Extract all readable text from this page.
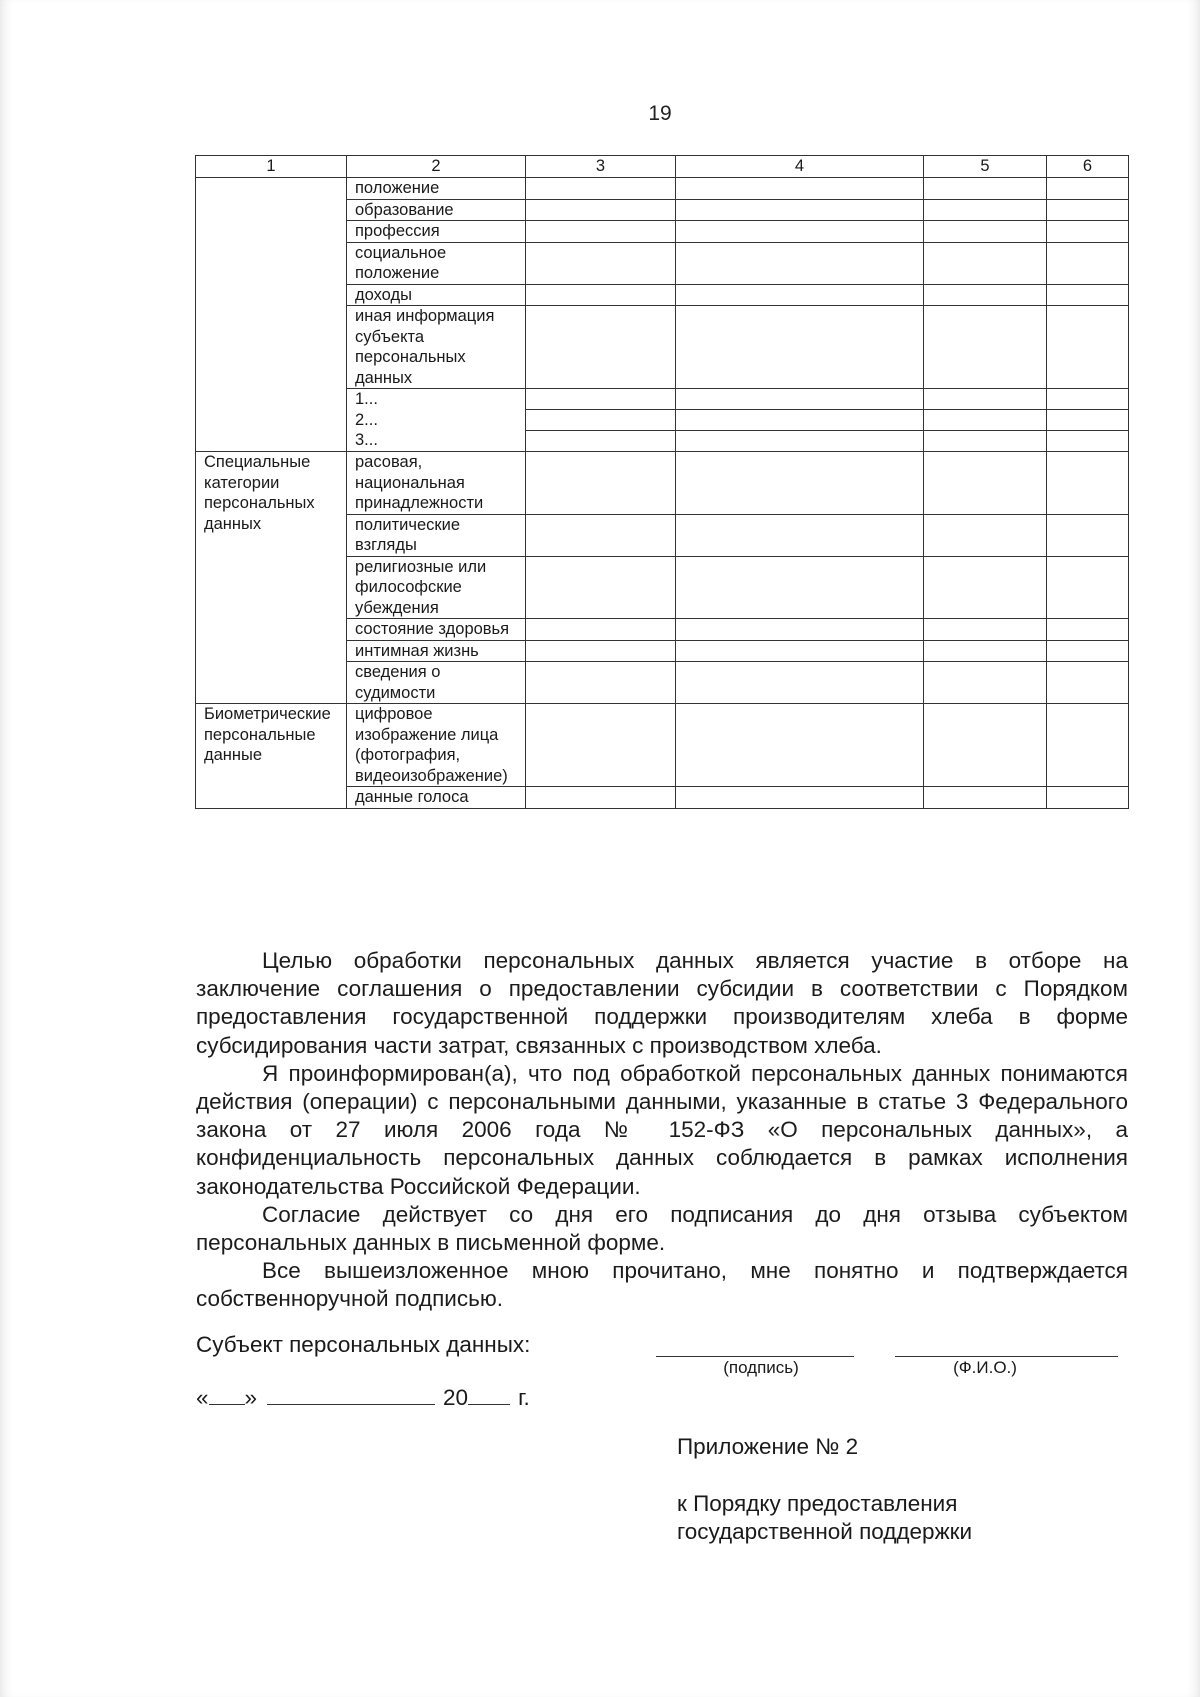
19
1	2	3	4	5	6
	положение				
	образование				
	профессия				
	социальное положение				
	доходы				
	иная информация субъекта персональных данных				

	1...
2...
3...				

Специальные категории персональных данных	расовая, национальная принадлежности				
	политические взгляды				
	религиозные или философские убеждения				
	состояние здоровья				
	интимная жизнь				
	сведения о судимости				
Биометрические персональные данные	цифровое изображение лица (фотография, видеоизображение)				
	данные голоса				

Целью обработки персональных данных является участие в отборе на заключение соглашения о предоставлении субсидии в соответствии с Порядком предоставления государственной поддержки производителям хлеба в форме субсидирования части затрат, связанных с производством хлеба.

Я проинформирован(а), что под обработкой персональных данных понимаются действия (операции) с персональными данными, указанные в статье 3 Федерального закона от 27 июля 2006 года № 152-ФЗ «О персональных данных», а конфиденциальность персональных данных соблюдается в рамках исполнения законодательства Российской Федерации.

Согласие действует со дня его подписания до дня отзыва субъектом персональных данных в письменной форме.

Все вышеизложенное мною прочитано, мне понятно и подтверждается собственноручной подписью.

Субъект персональных данных:
(подпись)	(Ф.И.О.)
« »	20 г.
Приложение № 2
к Порядку предоставления
государственной поддержки
